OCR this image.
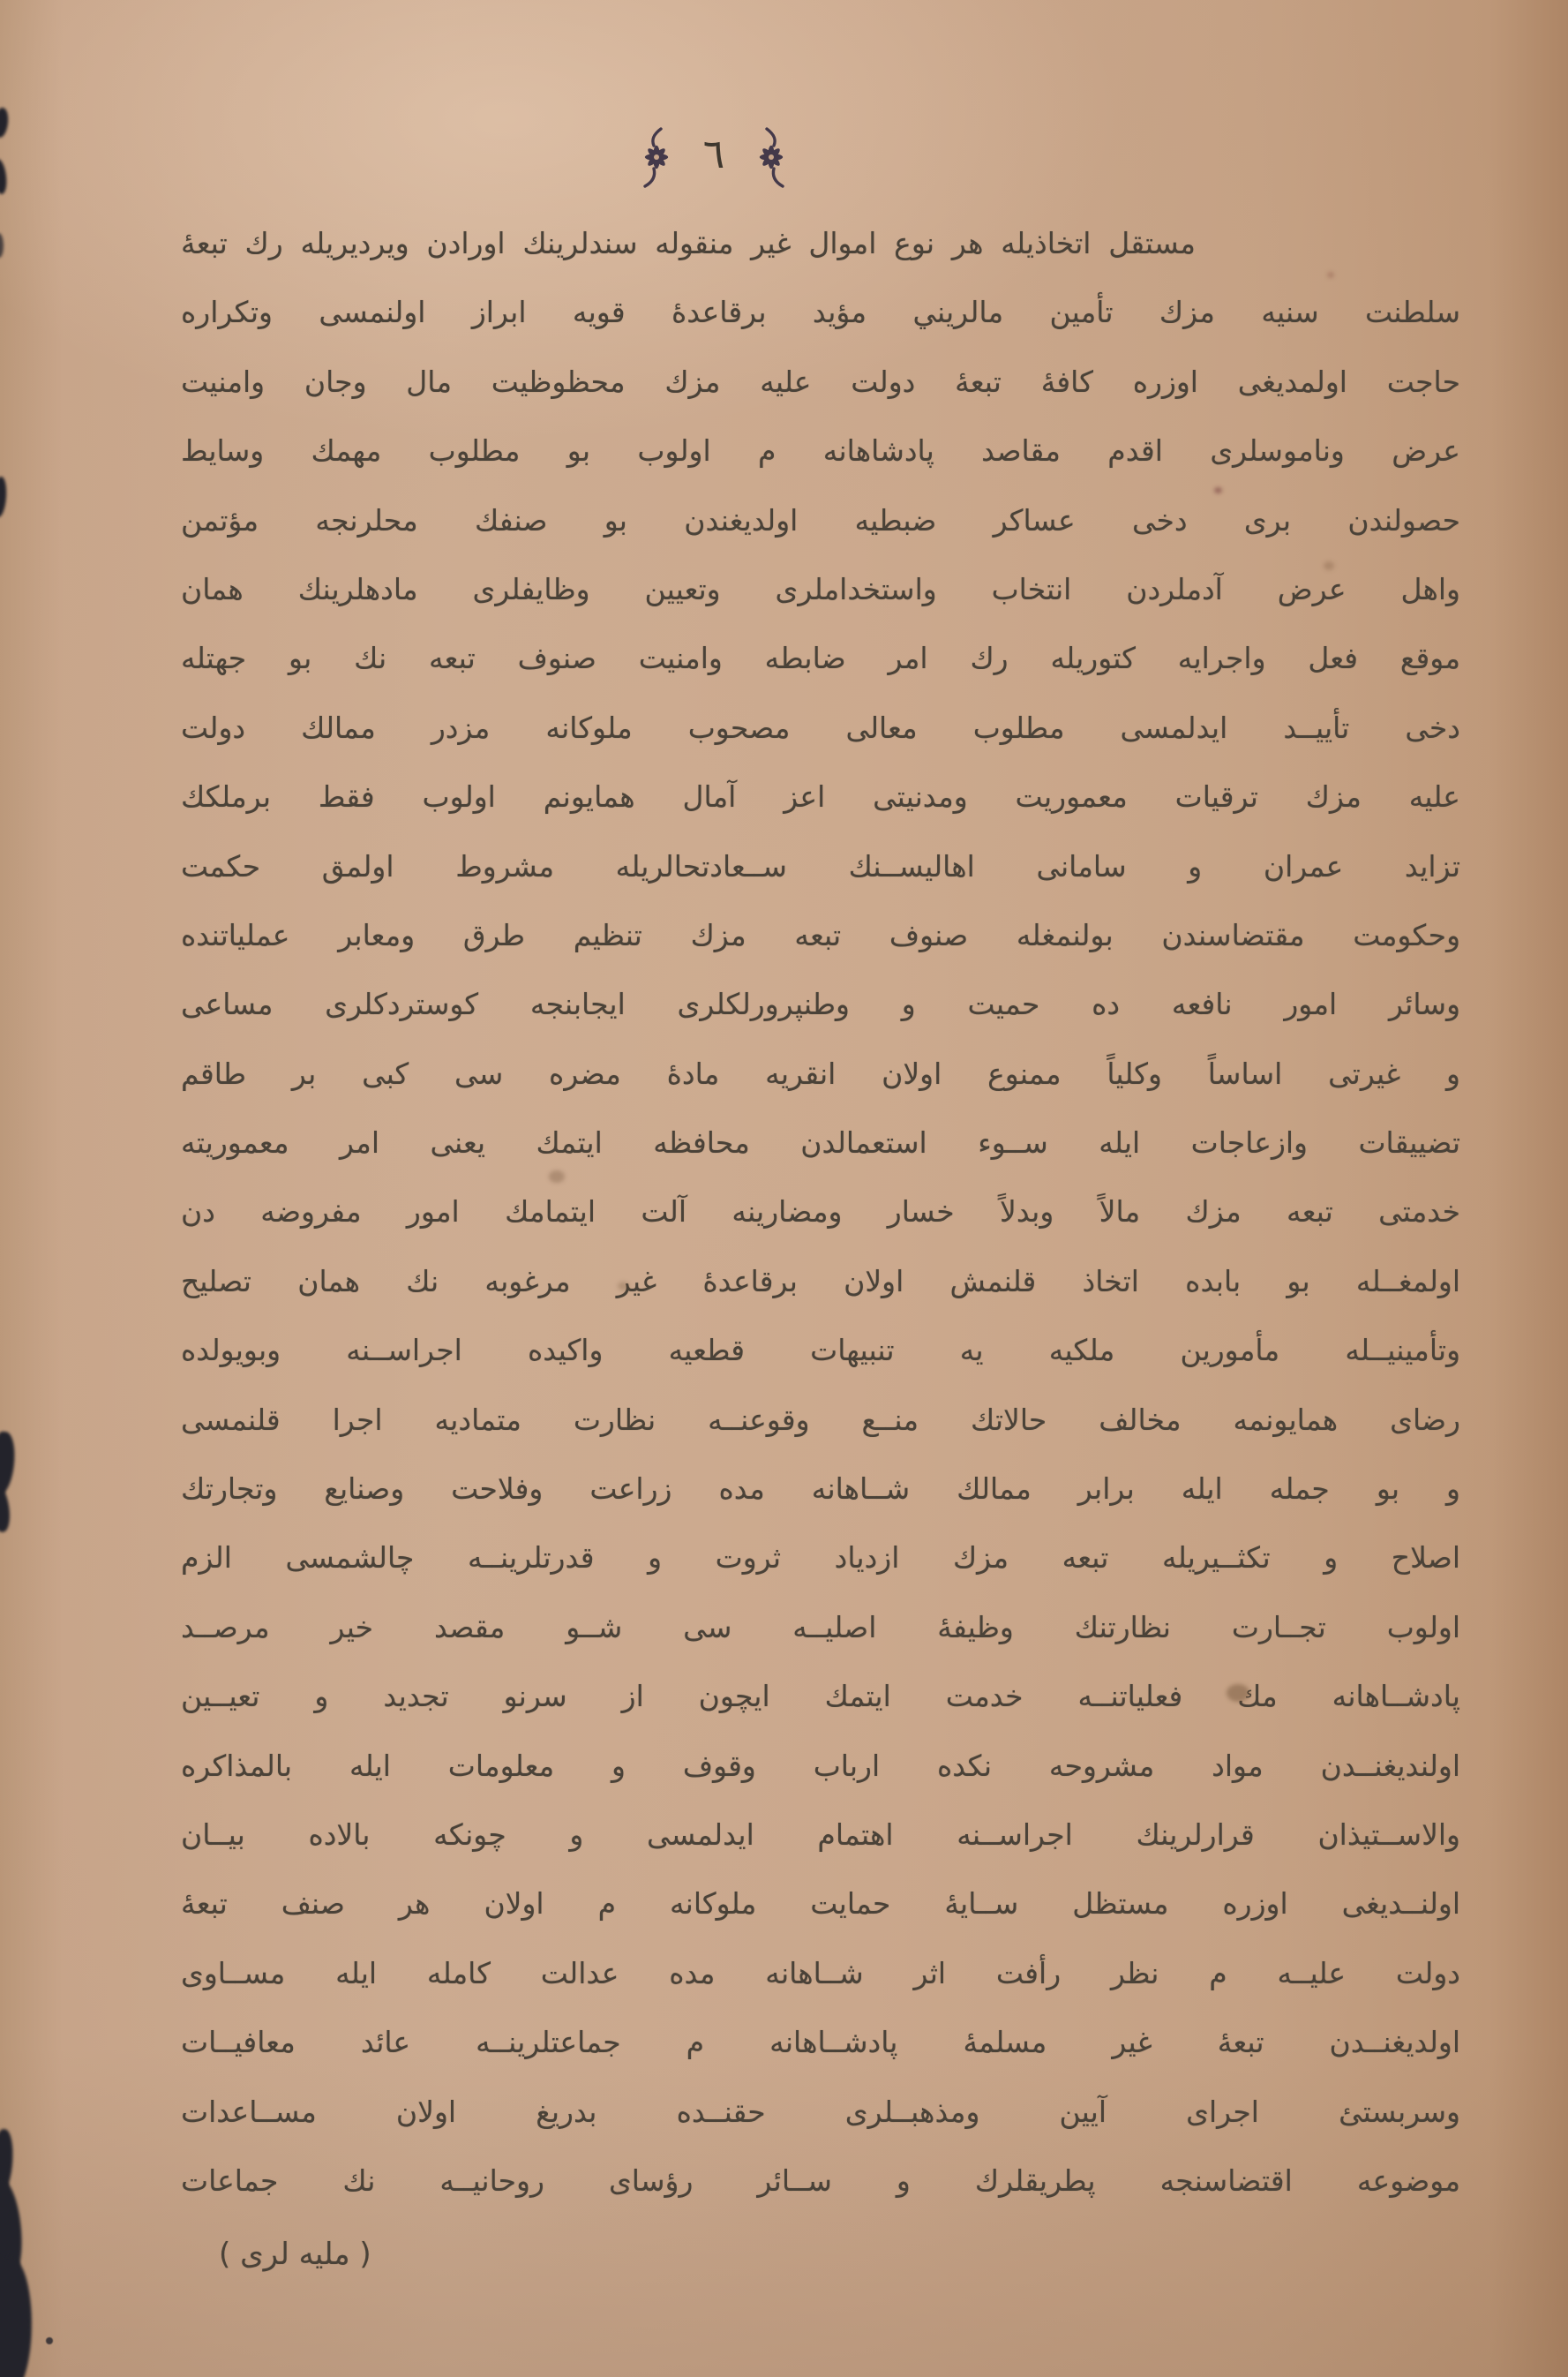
٦
مستقل اتخاذيله هر نوع اموال غير منقوله سندلرينك اورادن ويرديريله رك تبعهٔ
سلطنت سنيه مزك تأمين مالريني مؤيد برقاعدهٔ قويه ابراز اولنمسى وتكراره
حاجت اولمديغى اوزره كافهٔ تبعهٔ دولت عليه مزك محظوظيت مال وجان وامنيت
عرض وناموسلرى اقدم مقاصد پادشاهانه م اولوب بو مطلوب مهمك وسايط
حصولندن برى دخى عساكر ضبطيه اولديغندن بو صنفك محلرنجه مؤتمن
واهل عرض آدملردن انتخاب واستخداملرى وتعيين وظايفلرى مادهلرينك همان
موقع فعل واجرايه كتوريله رك امر ضابطه وامنيت صنوف تبعه نك بو جهتله
دخى تأييــد ايدلمسى مطلوب معالى مصحوب ملوكانه مزدر ممالك دولت
عليه مزك ترقيات معموريت ومدنيتى اعز آمال همايونم اولوب فقط برملكك
تزايد عمران و سامانى اهاليســنك ســعادتحالريله مشروط اولمق حكمت
وحكومت مقتضاسندن بولنمغله صنوف تبعه مزك تنظيم طرق ومعابر عملياتنده
وسائر امور نافعه ده حميت و وطنپرورلكلرى ايجابنجه كوستردكلرى مساعى
و غيرتى اساساً وكلياً ممنوع اولان انقريه مادهٔ مضره سى كبى بر طاقم
تضييقات وازعاجات ايله ســوء استعمالدن محافظه ايتمك يعنى امر معموريته
خدمتى تبعه مزك مالاً وبدلاً خسار ومضارينه آلت ايتمامك امور مفروضه دن
اولمغــله بو بابده اتخاذ قلنمش اولان برقاعدهٔ غير مرغوبه نك همان تصليح
وتأمينيــله مأمورين ملكيه يه تنبيهات قطعيه واكيده اجراســنه وبويولده
رضاى همايونمه مخالف حالاتك منــع وقوعنــه نظارت متماديه اجرا قلنمسى
و بو جمله ايله برابر ممالك شــاهانه مده زراعت وفلاحت وصنايع وتجارتك
اصلاح و تكثــيريله تبعه مزك ازدياد ثروت و قدرتلرينــه چالشمسى الزم
اولوب تجــارت نظارتنك وظيفهٔ اصليــه سى شــو مقصد خير مرصــد
پادشــاهانه مك فعلياتنــه خدمت ايتمك ايچون از سرنو تجديد و تعيــين
اولنديغنــدن مواد مشروحه نكده ارباب وقوف و معلومات ايله بالمذاكره
والاســتيذان قرارلرينك اجراســنه اهتمام ايدلمسى و چونكه بالاده بيــان
اولنــديغى اوزره مستظل ســايهٔ حمايت ملوكانه م اولان هر صنف تبعهٔ
دولت عليــه م نظر رأفت اثر شــاهانه مده عدالت كامله ايله مســاوى
اولديغنــدن تبعهٔ غير مسلمهٔ پادشــاهانه م جماعتلرينــه عائد معافيــات
وسربستئ اجراى آيين ومذهبــلرى حقنــده بدريغ اولان مســاعدات
موضوعه اقتضاسنجه پطريقلرك و ســائر رؤساى روحانيــه نك جماعات
( مليه لرى )
